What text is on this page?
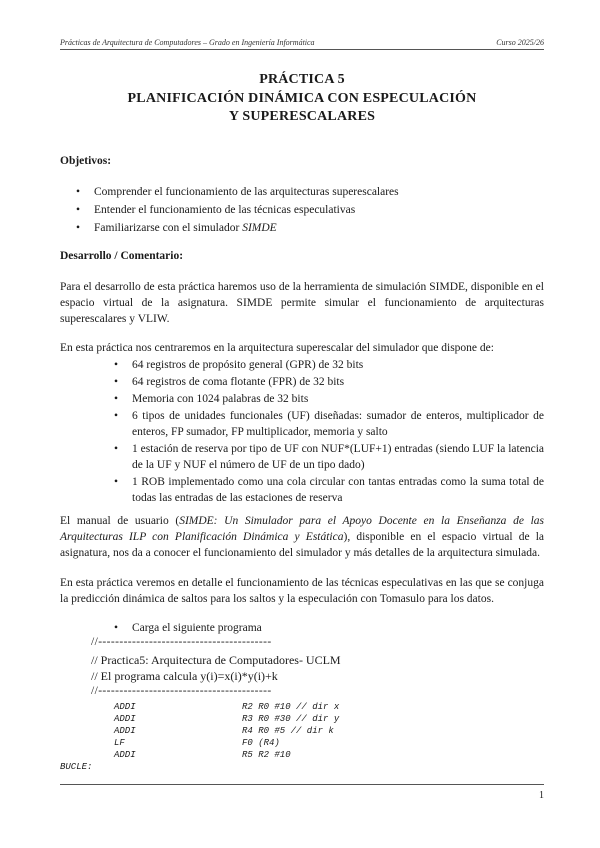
Prácticas de Arquitectura de Computadores – Grado en Ingeniería Informática	Curso 2025/26
PRÁCTICA 5
PLANIFICACIÓN DINÁMICA CON ESPECULACIÓN
Y SUPERESCALARES
Objetivos:
• Comprender el funcionamiento de las arquitecturas superescalares
• Entender el funcionamiento de las técnicas especulativas
• Familiarizarse con el simulador SIMDE
Desarrollo / Comentario:
Para el desarrollo de esta práctica haremos uso de la herramienta de simulación SIMDE, disponible en el espacio virtual de la asignatura. SIMDE permite simular el funcionamiento de arquitecturas superescalares y VLIW.
En esta práctica nos centraremos en la arquitectura superescalar del simulador que dispone de:
• 64 registros de propósito general (GPR) de 32 bits
• 64 registros de coma flotante (FPR) de 32 bits
• Memoria con 1024 palabras de 32 bits
• 6 tipos de unidades funcionales (UF) diseñadas: sumador de enteros, multiplicador de enteros, FP sumador, FP multiplicador, memoria y salto
• 1 estación de reserva por tipo de UF con NUF*(LUF+1) entradas (siendo LUF la latencia de la UF y NUF el número de UF de un tipo dado)
• 1 ROB implementado como una cola circular con tantas entradas como la suma total de todas las entradas de las estaciones de reserva
El manual de usuario (SIMDE: Un Simulador para el Apoyo Docente en la Enseñanza de las Arquitecturas ILP con Planificación Dinámica y Estática), disponible en el espacio virtual de la asignatura, nos da a conocer el funcionamiento del simulador y más detalles de la arquitectura simulada.
En esta práctica veremos en detalle el funcionamiento de las técnicas especulativas en las que se conjuga la predicción dinámica de saltos para los saltos y la especulación con Tomasulo para los datos.
• Carga el siguiente programa
//-----------------------------------------
// Practica5: Arquitectura de Computadores- UCLM
// El programa calcula y(i)=x(i)*y(i)+k
//-----------------------------------------
ADDI	R2 R0 #10 // dir x
ADDI	R3 R0 #30 // dir y
ADDI	R4 R0 #5 // dir k
LF	F0 (R4)
ADDI	R5 R2 #10
BUCLE:
1
